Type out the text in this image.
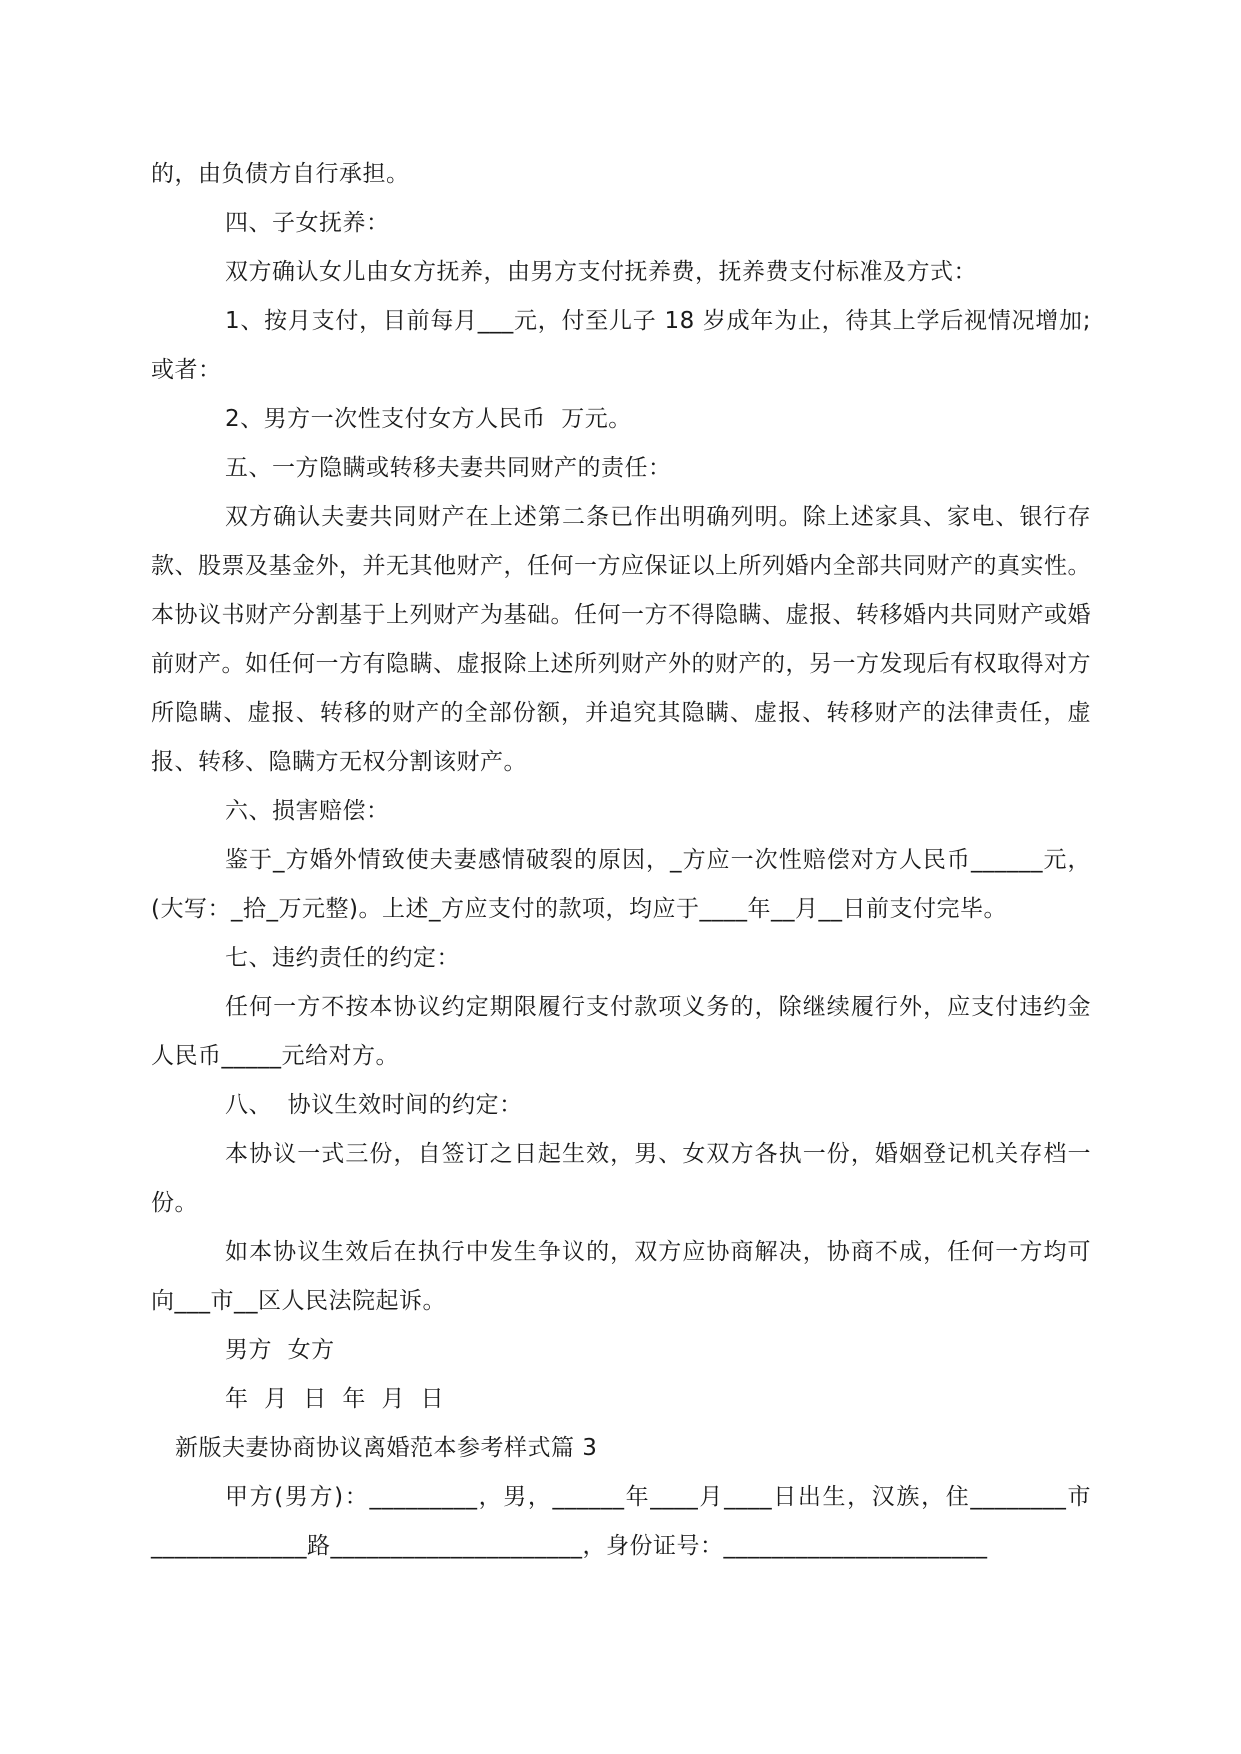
的，由负债方自行承担。

四、子女抚养：

双方确认女儿由女方抚养，由男方支付抚养费，抚养费支付标准及方式：

1、按月支付，目前每月___元，付至儿子 18 岁成年为止，待其上学后视情况增加;或者：

2、男方一次性支付女方人民币  万元。

五、一方隐瞒或转移夫妻共同财产的责任：

双方确认夫妻共同财产在上述第二条已作出明确列明。除上述家具、家电、银行存款、股票及基金外，并无其他财产，任何一方应保证以上所列婚内全部共同财产的真实性。本协议书财产分割基于上列财产为基础。任何一方不得隐瞒、虚报、转移婚内共同财产或婚前财产。如任何一方有隐瞒、虚报除上述所列财产外的财产的，另一方发现后有权取得对方所隐瞒、虚报、转移的财产的全部份额，并追究其隐瞒、虚报、转移财产的法律责任，虚报、转移、隐瞒方无权分割该财产。

六、损害赔偿：

鉴于_方婚外情致使夫妻感情破裂的原因，_方应一次性赔偿对方人民币______元，(大写：_拾_万元整)。上述_方应支付的款项，均应于____年__月__日前支付完毕。

七、违约责任的约定：

任何一方不按本协议约定期限履行支付款项义务的，除继续履行外，应支付违约金人民币_____元给对方。

八、  协议生效时间的约定：

本协议一式三份，自签订之日起生效，男、女双方各执一份，婚姻登记机关存档一份。

如本协议生效后在执行中发生争议的，双方应协商解决，协商不成，任何一方均可向___市__区人民法院起诉。

男方  女方

年  月  日  年  月  日

新版夫妻协商协议离婚范本参考样式篇 3

甲方(男方)：_________，男，______年____月____日出生，汉族，住________市_____________路_____________________，身份证号：______________________
